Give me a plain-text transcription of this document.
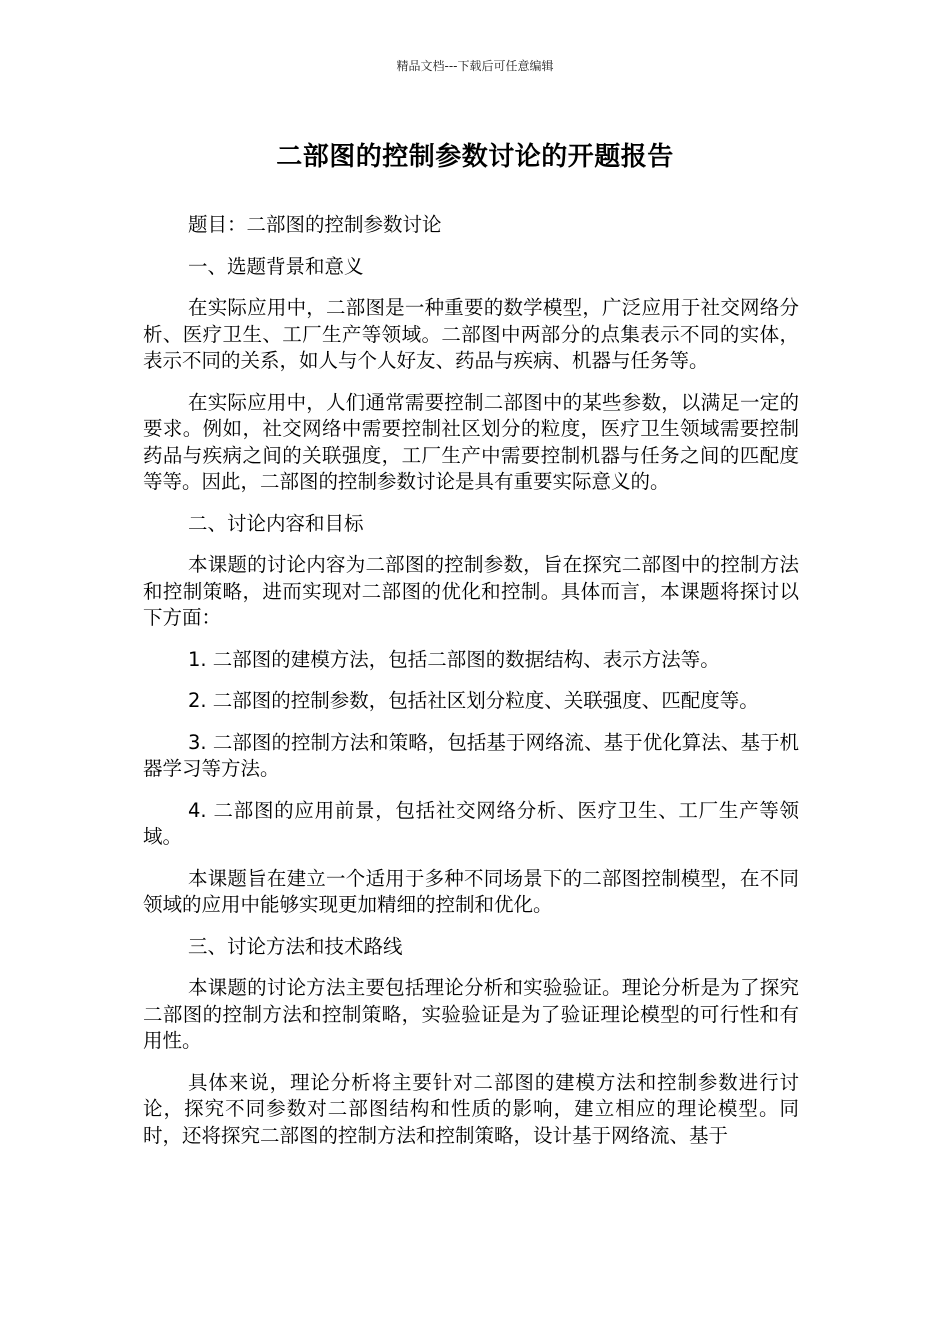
精品文档---下载后可任意编辑
二部图的控制参数讨论的开题报告

题目：二部图的控制参数讨论

一、选题背景和意义

在实际应用中，二部图是一种重要的数学模型，广泛应用于社交网络分析、医疗卫生、工厂生产等领域。二部图中两部分的点集表示不同的实体，表示不同的关系，如人与个人好友、药品与疾病、机器与任务等。

在实际应用中，人们通常需要控制二部图中的某些参数，以满足一定的要求。例如，社交网络中需要控制社区划分的粒度，医疗卫生领域需要控制药品与疾病之间的关联强度，工厂生产中需要控制机器与任务之间的匹配度等等。因此，二部图的控制参数讨论是具有重要实际意义的。

二、讨论内容和目标

本课题的讨论内容为二部图的控制参数，旨在探究二部图中的控制方法和控制策略，进而实现对二部图的优化和控制。具体而言，本课题将探讨以下方面：

1. 二部图的建模方法，包括二部图的数据结构、表示方法等。

2. 二部图的控制参数，包括社区划分粒度、关联强度、匹配度等。

3. 二部图的控制方法和策略，包括基于网络流、基于优化算法、基于机器学习等方法。

4. 二部图的应用前景，包括社交网络分析、医疗卫生、工厂生产等领域。

本课题旨在建立一个适用于多种不同场景下的二部图控制模型，在不同领域的应用中能够实现更加精细的控制和优化。

三、讨论方法和技术路线

本课题的讨论方法主要包括理论分析和实验验证。理论分析是为了探究二部图的控制方法和控制策略，实验验证是为了验证理论模型的可行性和有用性。

具体来说，理论分析将主要针对二部图的建模方法和控制参数进行讨论，探究不同参数对二部图结构和性质的影响，建立相应的理论模型。同时，还将探究二部图的控制方法和控制策略，设计基于网络流、基于
